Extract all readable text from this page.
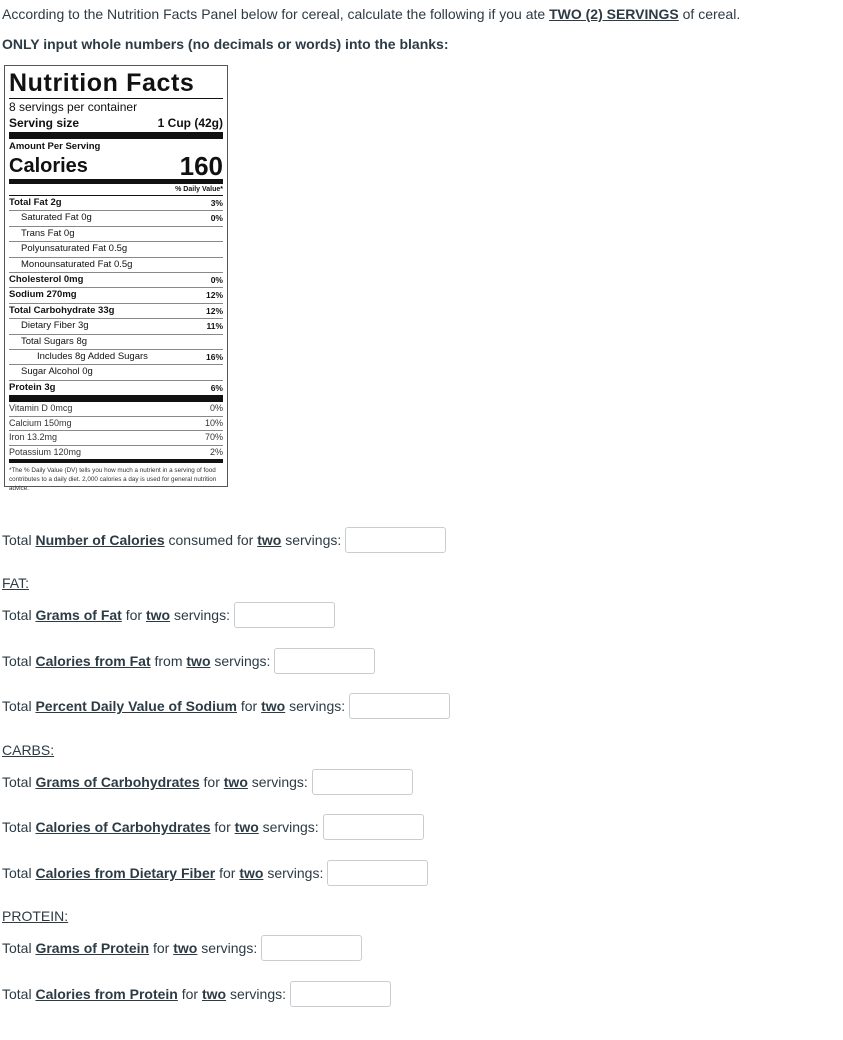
According to the Nutrition Facts Panel below for cereal, calculate the following if you ate TWO (2) SERVINGS of cereal.
ONLY input whole numbers (no decimals or words) into the blanks:
Nutrition Facts
8 servings per container
Serving size	1 Cup (42g)
Amount Per Serving
Calories	160
% Daily Value*
Total Fat 2g	3%
Saturated Fat 0g	0%
Trans Fat 0g
Polyunsaturated Fat 0.5g
Monounsaturated Fat 0.5g
Cholesterol 0mg	0%
Sodium 270mg	12%
Total Carbohydrate 33g	12%
Dietary Fiber 3g	11%
Total Sugars 8g
Includes 8g Added Sugars	16%
Sugar Alcohol 0g
Protein 3g	6%
Vitamin D 0mcg	0%
Calcium 150mg	10%
Iron 13.2mg	70%
Potassium 120mg	2%
*The % Daily Value (DV) tells you how much a nutrient in a serving of food contributes to a daily diet. 2,000 calories a day is used for general nutrition advice.
Total Number of Calories consumed for two servings:
FAT:
Total Grams of Fat for two servings:
Total Calories from Fat from two servings:
Total Percent Daily Value of Sodium for two servings:
CARBS:
Total Grams of Carbohydrates for two servings:
Total Calories of Carbohydrates for two servings:
Total Calories from Dietary Fiber for two servings:
PROTEIN:
Total Grams of Protein for two servings:
Total Calories from Protein for two servings:
